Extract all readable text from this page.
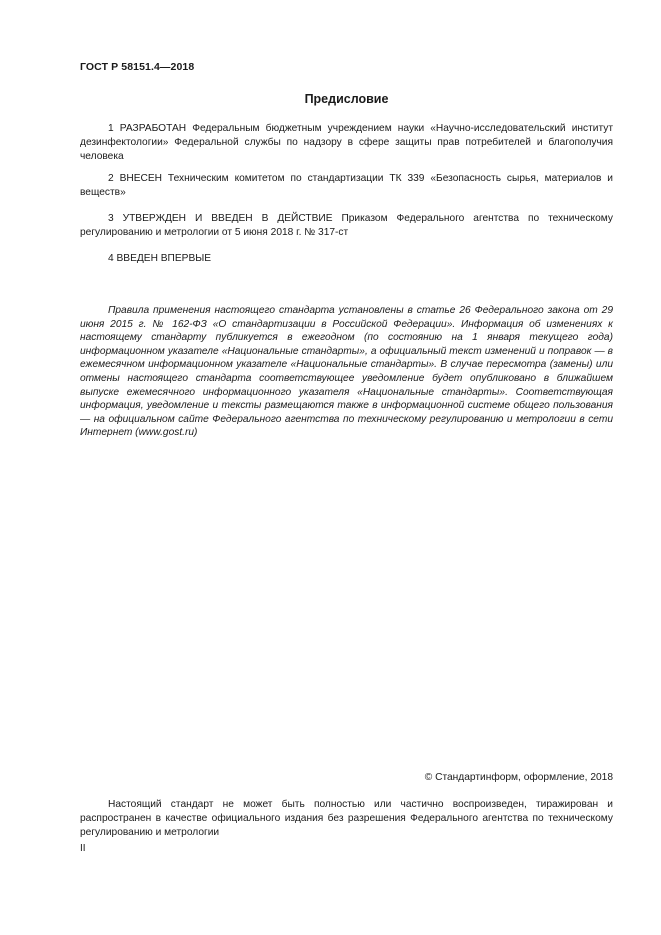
ГОСТ Р 58151.4—2018
Предисловие

1 РАЗРАБОТАН Федеральным бюджетным учреждением науки «Научно-исследовательский институт дезинфектологии» Федеральной службы по надзору в сфере защиты прав потребителей и благополучия человека

2 ВНЕСЕН Техническим комитетом по стандартизации ТК 339 «Безопасность сырья, материалов и веществ»

3 УТВЕРЖДЕН И ВВЕДЕН В ДЕЙСТВИЕ Приказом Федерального агентства по техническому регулированию и метрологии от 5 июня 2018 г. № 317-ст

4 ВВЕДЕН ВПЕРВЫЕ

Правила применения настоящего стандарта установлены в статье 26 Федерального закона от 29 июня 2015 г. № 162-ФЗ «О стандартизации в Российской Федерации». Информация об изменениях к настоящему стандарту публикуется в ежегодном (по состоянию на 1 января текущего года) информационном указателе «Национальные стандарты», а официальный текст изменений и поправок — в ежемесячном информационном указателе «Национальные стандарты». В случае пересмотра (замены) или отмены настоящего стандарта соответствующее уведомление будет опубликовано в ближайшем выпуске ежемесячного информационного указателя «Национальные стандарты». Соответствующая информация, уведомление и тексты размещаются также в информационной системе общего пользования — на официальном сайте Федерального агентства по техническому регулированию и метрологии в сети Интернет (www.gost.ru)

© Стандартинформ, оформление, 2018

Настоящий стандарт не может быть полностью или частично воспроизведен, тиражирован и распространен в качестве официального издания без разрешения Федерального агентства по техническому регулированию и метрологии

II
